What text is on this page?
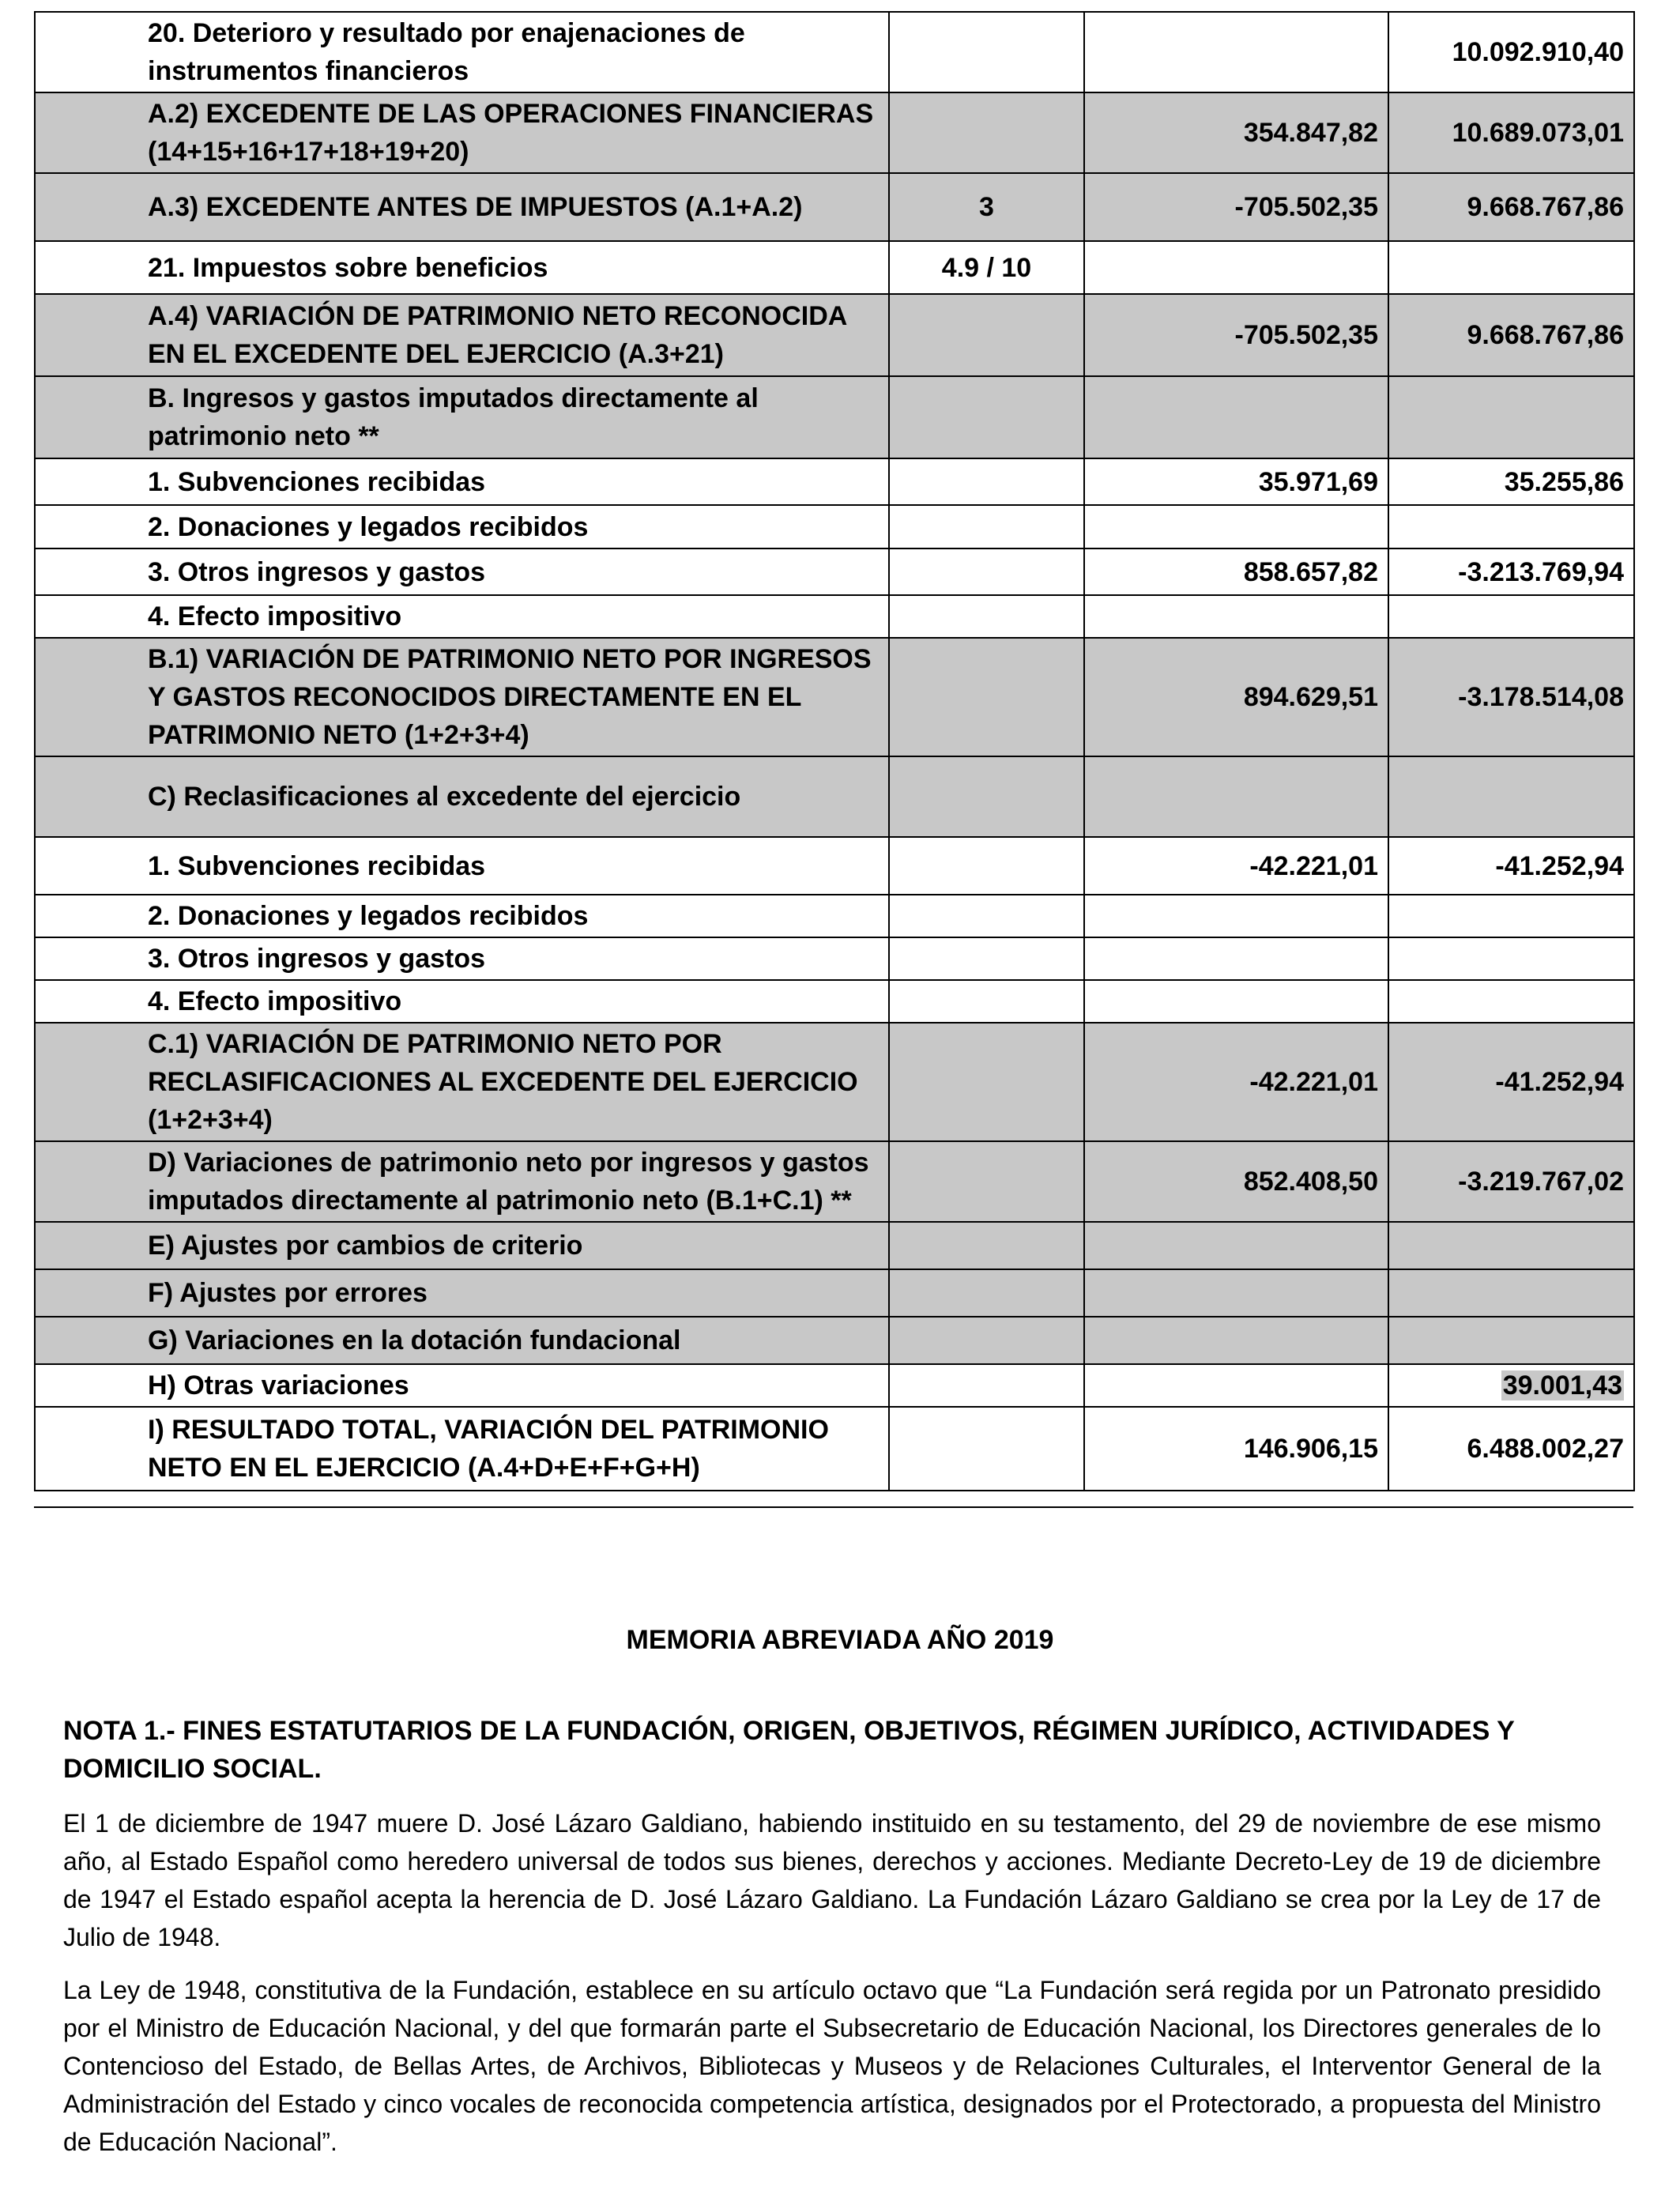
20. Deterioro y resultado por enajenaciones de instrumentos financieros			10.092.910,40

A.2) EXCEDENTE DE LAS OPERACIONES FINANCIERAS (14+15+16+17+18+19+20)		354.847,82	10.689.073,01

A.3) EXCEDENTE ANTES DE IMPUESTOS (A.1+A.2)	3	-705.502,35	9.668.767,86

21. Impuestos sobre beneficios	4.9 / 10		

A.4) VARIACIÓN DE PATRIMONIO NETO RECONOCIDA EN EL EXCEDENTE DEL EJERCICIO (A.3+21)		-705.502,35	9.668.767,86

B. Ingresos y gastos imputados directamente al patrimonio neto **			

1. Subvenciones recibidas		35.971,69	35.255,86

2. Donaciones y legados recibidos			

3. Otros ingresos y gastos		858.657,82	-3.213.769,94

4. Efecto impositivo			

B.1) VARIACIÓN DE PATRIMONIO NETO POR INGRESOS Y GASTOS RECONOCIDOS DIRECTAMENTE EN EL PATRIMONIO NETO (1+2+3+4)		894.629,51	-3.178.514,08

C) Reclasificaciones al excedente del ejercicio			

1. Subvenciones recibidas		-42.221,01	-41.252,94

2. Donaciones y legados recibidos			

3. Otros ingresos y gastos			

4. Efecto impositivo			

C.1) VARIACIÓN DE PATRIMONIO NETO POR RECLASIFICACIONES AL EXCEDENTE DEL EJERCICIO (1+2+3+4)		-42.221,01	-41.252,94

D) Variaciones de patrimonio neto por ingresos y gastos imputados directamente al patrimonio neto (B.1+C.1) **		852.408,50	-3.219.767,02

E) Ajustes por cambios de criterio			

F) Ajustes por errores			

G) Variaciones en la dotación fundacional			

H) Otras variaciones			39.001,43

I) RESULTADO TOTAL, VARIACIÓN DEL PATRIMONIO NETO EN EL EJERCICIO (A.4+D+E+F+G+H)		146.906,15	6.488.002,27
MEMORIA ABREVIADA AÑO 2019
NOTA 1.- FINES ESTATUTARIOS DE LA FUNDACIÓN, ORIGEN, OBJETIVOS, RÉGIMEN JURÍDICO, ACTIVIDADES Y DOMICILIO SOCIAL.

El 1 de diciembre de 1947 muere D. José Lázaro Galdiano, habiendo instituido en su testamento, del 29 de noviembre de ese mismo año, al Estado Español como heredero universal de todos sus bienes, derechos y acciones. Mediante Decreto-Ley de 19 de diciembre de 1947 el Estado español acepta la herencia de D. José Lázaro Galdiano. La Fundación Lázaro Galdiano se crea por la Ley de 17 de Julio de 1948.

La Ley de 1948, constitutiva de la Fundación, establece en su artículo octavo que “La Fundación será regida por un Patronato presidido por el Ministro de Educación Nacional, y del que formarán parte el Subsecretario de Educación Nacional, los Directores generales de lo Contencioso del Estado, de Bellas Artes, de Archivos, Bibliotecas y Museos y de Relaciones Culturales, el Interventor General de la Administración del Estado y cinco vocales de reconocida competencia artística, designados por el Protectorado, a propuesta del Ministro de Educación Nacional”.
